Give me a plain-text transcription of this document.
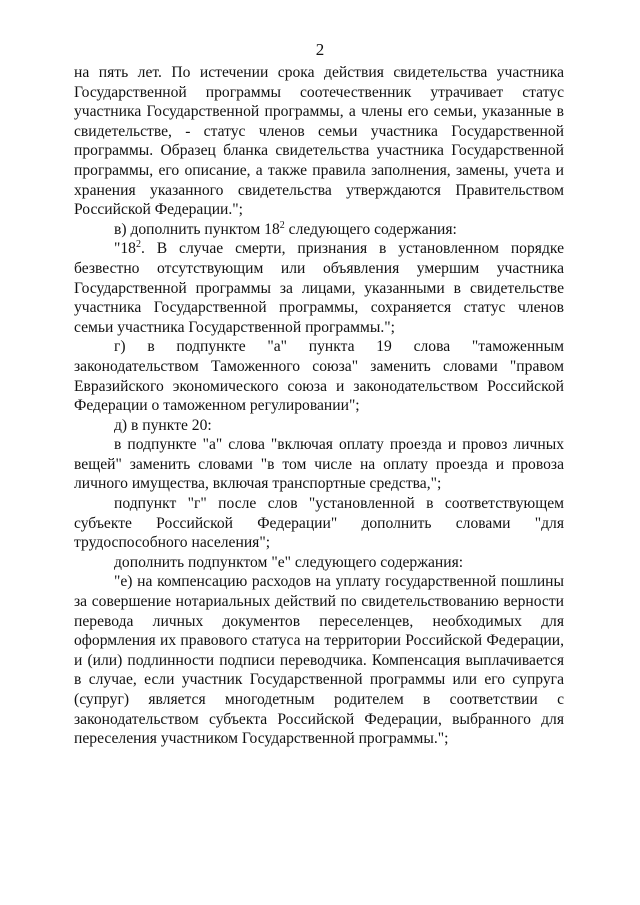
2

на пять лет. По истечении срока действия свидетельства участника Государственной программы соотечественник утрачивает статус участника Государственной программы, а члены его семьи, указанные в свидетельстве, - статус членов семьи участника Государственной программы. Образец бланка свидетельства участника Государственной программы, его описание, а также правила заполнения, замены, учета и хранения указанного свидетельства утверждаются Правительством Российской Федерации.";

в) дополнить пунктом $18^2$ следующего содержания:

"$18^2$. В случае смерти, признания в установленном порядке безвестно отсутствующим или объявления умершим участника Государственной программы за лицами, указанными в свидетельстве участника Государственной программы, сохраняется статус членов семьи участника Государственной программы.";

г) в подпункте "а" пункта 19 слова "таможенным законодательством Таможенного союза" заменить словами "правом Евразийского экономического союза и законодательством Российской Федерации о таможенном регулировании";

д) в пункте 20:

в подпункте "а" слова "включая оплату проезда и провоз личных вещей" заменить словами "в том числе на оплату проезда и провоза личного имущества, включая транспортные средства,";

подпункт "г" после слов "установленной в соответствующем субъекте Российской Федерации" дополнить словами "для трудоспособного населения";

дополнить подпунктом "е" следующего содержания:

"е) на компенсацию расходов на уплату государственной пошлины за совершение нотариальных действий по свидетельствованию верности перевода личных документов переселенцев, необходимых для оформления их правового статуса на территории Российской Федерации, и (или) подлинности подписи переводчика. Компенсация выплачивается в случае, если участник Государственной программы или его супруга (супруг) является многодетным родителем в соответствии с законодательством субъекта Российской Федерации, выбранного для переселения участником Государственной программы.";
